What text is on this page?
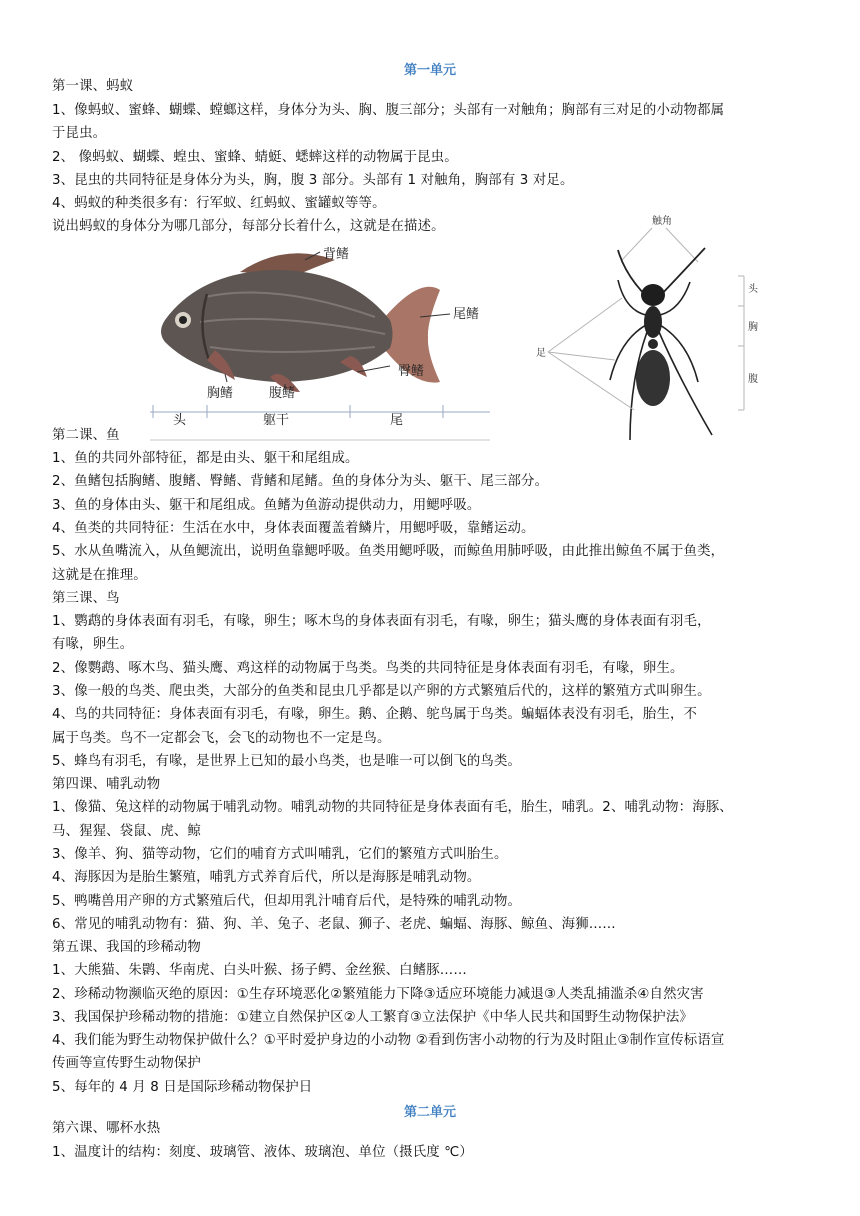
第一单元
第一课、蚂蚁
1、像蚂蚁、蜜蜂、蝴蝶、螳螂这样，身体分为头、胸、腹三部分；头部有一对触角；胸部有三对足的小动物都属
于昆虫。
2、 像蚂蚁、蝴蝶、蝗虫、蜜蜂、蜻蜓、蟋蟀这样的动物属于昆虫。
3、昆虫的共同特征是身体分为头，胸，腹 3 部分。头部有 1 对触角，胸部有 3 对足。
4、蚂蚁的种类很多有：行军蚁、红蚂蚁、蜜罐蚁等等。
说出蚂蚁的身体分为哪几部分，每部分长着什么，这就是在描述。
背鳍
尾鳍
胸鳍	腹鳍
臀鳍
头	躯干	尾
触角
足
头
胸
腹
第二课、鱼
1、鱼的共同外部特征，都是由头、躯干和尾组成。
2、鱼鳍包括胸鳍、腹鳍、臀鳍、背鳍和尾鳍。鱼的身体分为头、躯干、尾三部分。
3、鱼的身体由头、躯干和尾组成。鱼鳍为鱼游动提供动力，用鳃呼吸。
4、鱼类的共同特征：生活在水中，身体表面覆盖着鳞片，用鳃呼吸，靠鳍运动。
5、水从鱼嘴流入，从鱼鳃流出，说明鱼靠鳃呼吸。鱼类用鳃呼吸，而鲸鱼用肺呼吸，由此推出鲸鱼不属于鱼类，
这就是在推理。
第三课、鸟
1、鹦鹉的身体表面有羽毛，有喙，卵生；啄木鸟的身体表面有羽毛，有喙，卵生；猫头鹰的身体表面有羽毛，
有喙，卵生。
2、像鹦鹉、啄木鸟、猫头鹰、鸡这样的动物属于鸟类。鸟类的共同特征是身体表面有羽毛，有喙，卵生。
3、像一般的鸟类、爬虫类，大部分的鱼类和昆虫几乎都是以产卵的方式繁殖后代的，这样的繁殖方式叫卵生。
4、鸟的共同特征：身体表面有羽毛，有喙，卵生。鹅、企鹅、鸵鸟属于鸟类。蝙蝠体表没有羽毛，胎生，不
属于鸟类。鸟不一定都会飞，会飞的动物也不一定是鸟。
5、蜂鸟有羽毛，有喙，是世界上已知的最小鸟类，也是唯一可以倒飞的鸟类。
第四课、哺乳动物
1、像猫、兔这样的动物属于哺乳动物。哺乳动物的共同特征是身体表面有毛，胎生，哺乳。2、哺乳动物：海豚、
马、猩猩、袋鼠、虎、鲸
3、像羊、狗、猫等动物，它们的哺育方式叫哺乳，它们的繁殖方式叫胎生。
4、海豚因为是胎生繁殖，哺乳方式养育后代，所以是海豚是哺乳动物。
5、鸭嘴兽用产卵的方式繁殖后代，但却用乳汁哺育后代，是特殊的哺乳动物。
6、常见的哺乳动物有：猫、狗、羊、兔子、老鼠、狮子、老虎、蝙蝠、海豚、鲸鱼、海狮……
第五课、我国的珍稀动物
1、大熊猫、朱鹮、华南虎、白头叶猴、扬子鳄、金丝猴、白鳍豚……
2、珍稀动物濒临灭绝的原因：①生存环境恶化②繁殖能力下降③适应环境能力减退③人类乱捕滥杀④自然灾害
3、我国保护珍稀动物的措施：①建立自然保护区②人工繁育③立法保护《中华人民共和国野生动物保护法》
4、我们能为野生动物保护做什么？①平时爱护身边的小动物 ②看到伤害小动物的行为及时阻止③制作宣传标语宣
传画等宣传野生动物保护
5、每年的 4 月 8 日是国际珍稀动物保护日
第二单元
第六课、哪杯水热
1、温度计的结构：刻度、玻璃管、液体、玻璃泡、单位（摄氏度 ℃）
